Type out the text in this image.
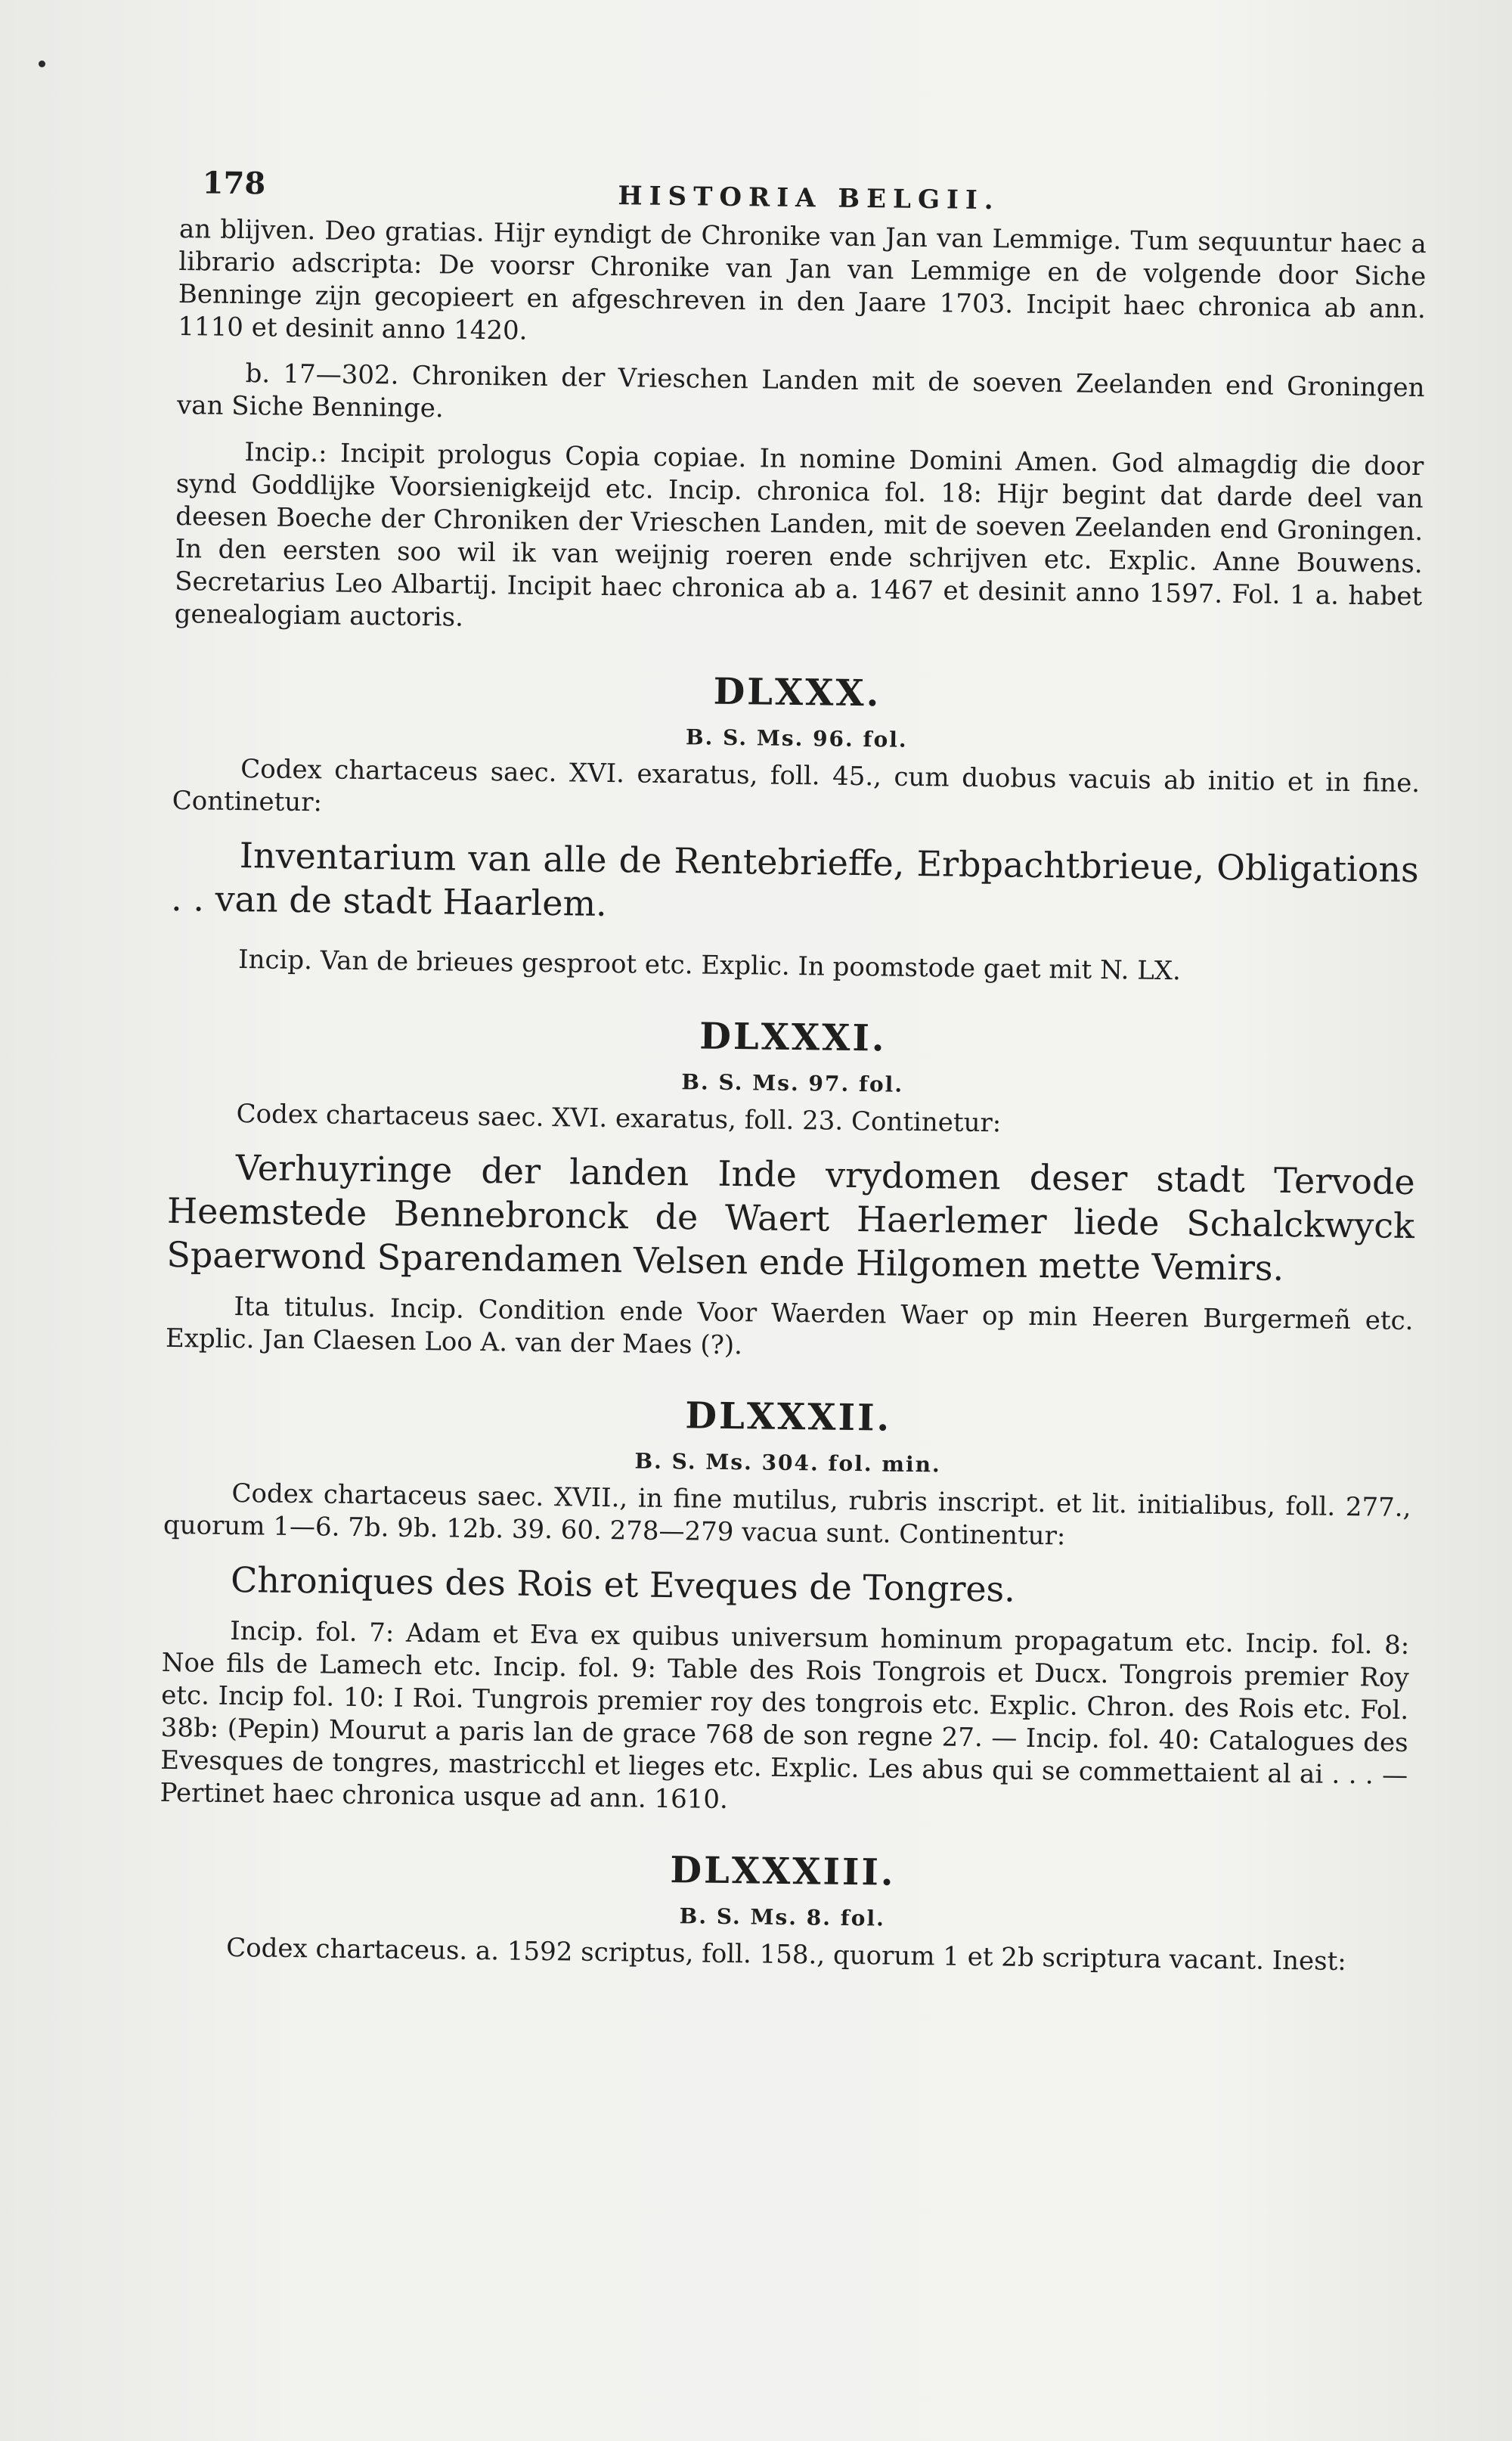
178	HISTORIA BELGII.

an blijven. Deo gratias. Hijr eyndigt de Chronike van Jan van Lemmige. Tum sequuntur haec a librario adscripta: De voorsr Chronike van Jan van Lemmige en de volgende door Siche Benninge zijn gecopieert en afgeschreven in den Jaare 1703. Incipit haec chronica ab ann. 1110 et desinit anno 1420.

b. 17—302. Chroniken der Vrieschen Landen mit de soeven Zeelanden end Groningen van Siche Benninge.

Incip.: Incipit prologus Copia copiae. In nomine Domini Amen. God almagdig die door synd Goddlijke Voorsienigkeijd etc. Incip. chronica fol. 18: Hijr begint dat darde deel van deesen Boeche der Chroniken der Vrieschen Landen, mit de soeven Zeelanden end Groningen. In den eersten soo wil ik van weijnig roeren ende schrijven etc. Explic. Anne Bouwens. Secretarius Leo Albartij. Incipit haec chronica ab a. 1467 et desinit anno 1597. Fol. 1 a. habet genealogiam auctoris.

DLXXX.
B. S. Ms. 96. fol.

Codex chartaceus saec. XVI. exaratus, foll. 45., cum duobus vacuis ab initio et in fine. Continetur:

Inventarium van alle de Rentebrieffe, Erbpachtbrieue, Obligations . . van de stadt Haarlem.

Incip. Van de brieues gesproot etc. Explic. In poomstode gaet mit N. LX.

DLXXXI.
B. S. Ms. 97. fol.

Codex chartaceus saec. XVI. exaratus, foll. 23. Continetur:

Verhuyringe der landen Inde vrydomen deser stadt Tervode Heemstede Bennebronck de Waert Haerlemer liede Schalckwyck Spaerwond Sparendamen Velsen ende Hilgomen mette Vemirs.

Ita titulus. Incip. Condition ende Voor Waerden Waer op min Heeren Burgermeñ etc. Explic. Jan Claesen Loo A. van der Maes (?).

DLXXXII.
B. S. Ms. 304. fol. min.

Codex chartaceus saec. XVII., in fine mutilus, rubris inscript. et lit. initialibus, foll. 277., quorum 1—6. 7b. 9b. 12b. 39. 60. 278—279 vacua sunt. Continentur:

Chroniques des Rois et Eveques de Tongres.

Incip. fol. 7: Adam et Eva ex quibus universum hominum propagatum etc. Incip. fol. 8: Noe fils de Lamech etc. Incip. fol. 9: Table des Rois Tongrois et Ducx. Tongrois premier Roy etc. Incip fol. 10: I Roi. Tungrois premier roy des tongrois etc. Explic. Chron. des Rois etc. Fol. 38b: (Pepin) Mourut a paris lan de grace 768 de son regne 27. — Incip. fol. 40: Catalogues des Evesques de tongres, mastricchl et lieges etc. Explic. Les abus qui se commettaient al ai . . . — Pertinet haec chronica usque ad ann. 1610.

DLXXXIII.
B. S. Ms. 8. fol.

Codex chartaceus. a. 1592 scriptus, foll. 158., quorum 1 et 2b scriptura vacant. Inest:
